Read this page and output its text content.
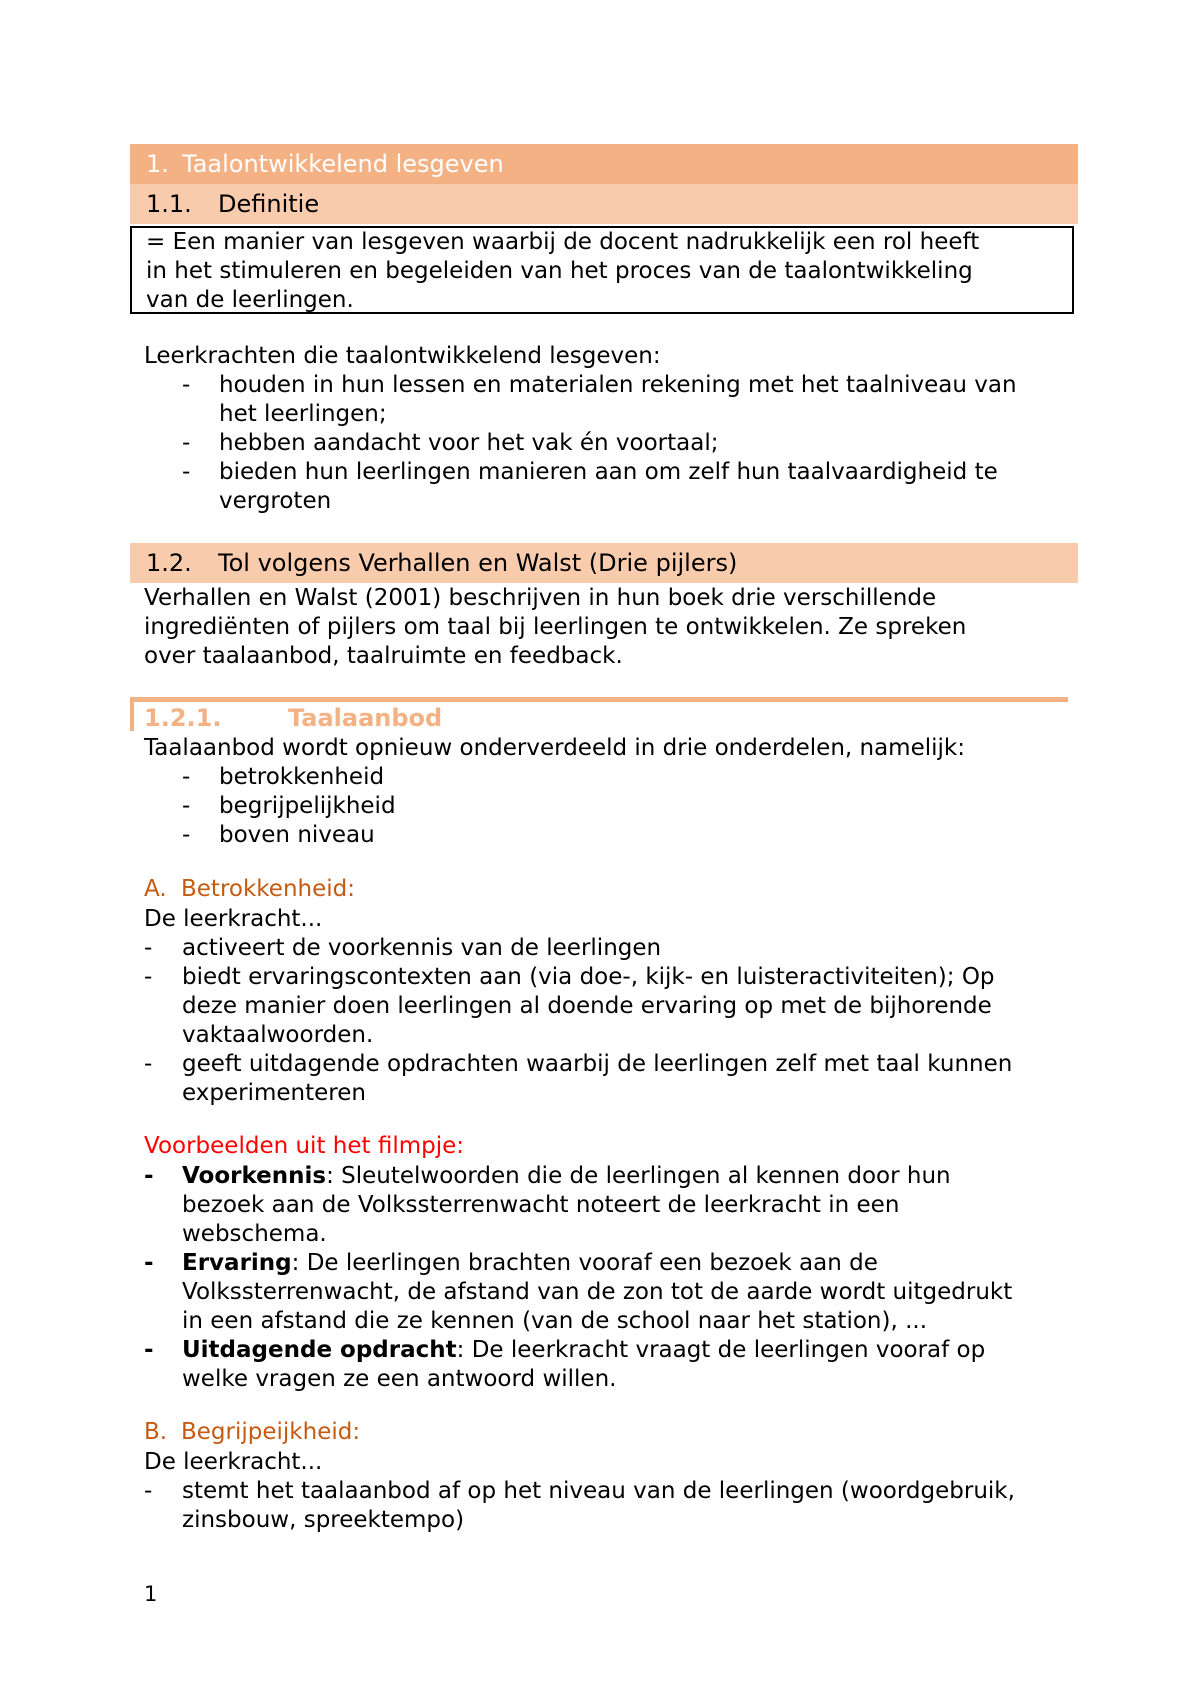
1. Taalontwikkelend lesgeven
1.1. Definitie
= Een manier van lesgeven waarbij de docent nadrukkelijk een rol heeft
in het stimuleren en begeleiden van het proces van de taalontwikkeling
van de leerlingen.
Leerkrachten die taalontwikkelend lesgeven:
-	houden in hun lessen en materialen rekening met het taalniveau van
het leerlingen;
-	hebben aandacht voor het vak én voortaal;
-	bieden hun leerlingen manieren aan om zelf hun taalvaardigheid te
vergroten
1.2. Tol volgens Verhallen en Walst (Drie pijlers)
Verhallen en Walst (2001) beschrijven in hun boek drie verschillende
ingrediënten of pijlers om taal bij leerlingen te ontwikkelen. Ze spreken
over taalaanbod, taalruimte en feedback.
1.2.1.	Taalaanbod
Taalaanbod wordt opnieuw onderverdeeld in drie onderdelen, namelijk:
-	betrokkenheid
-	begrijpelijkheid
-	boven niveau
A. Betrokkenheid:
De leerkracht...
-	activeert de voorkennis van de leerlingen
-	biedt ervaringscontexten aan (via doe-, kijk- en luisteractiviteiten); Op
deze manier doen leerlingen al doende ervaring op met de bijhorende
vaktaalwoorden.
-	geeft uitdagende opdrachten waarbij de leerlingen zelf met taal kunnen
experimenteren
Voorbeelden uit het filmpje:
-	Voorkennis: Sleutelwoorden die de leerlingen al kennen door hun
bezoek aan de Volkssterrenwacht noteert de leerkracht in een
webschema.
-	Ervaring: De leerlingen brachten vooraf een bezoek aan de
Volkssterrenwacht, de afstand van de zon tot de aarde wordt uitgedrukt
in een afstand die ze kennen (van de school naar het station), ...
-	Uitdagende opdracht: De leerkracht vraagt de leerlingen vooraf op
welke vragen ze een antwoord willen.
B. Begrijpeijkheid:
De leerkracht...
-	stemt het taalaanbod af op het niveau van de leerlingen (woordgebruik,
zinsbouw, spreektempo)
1
